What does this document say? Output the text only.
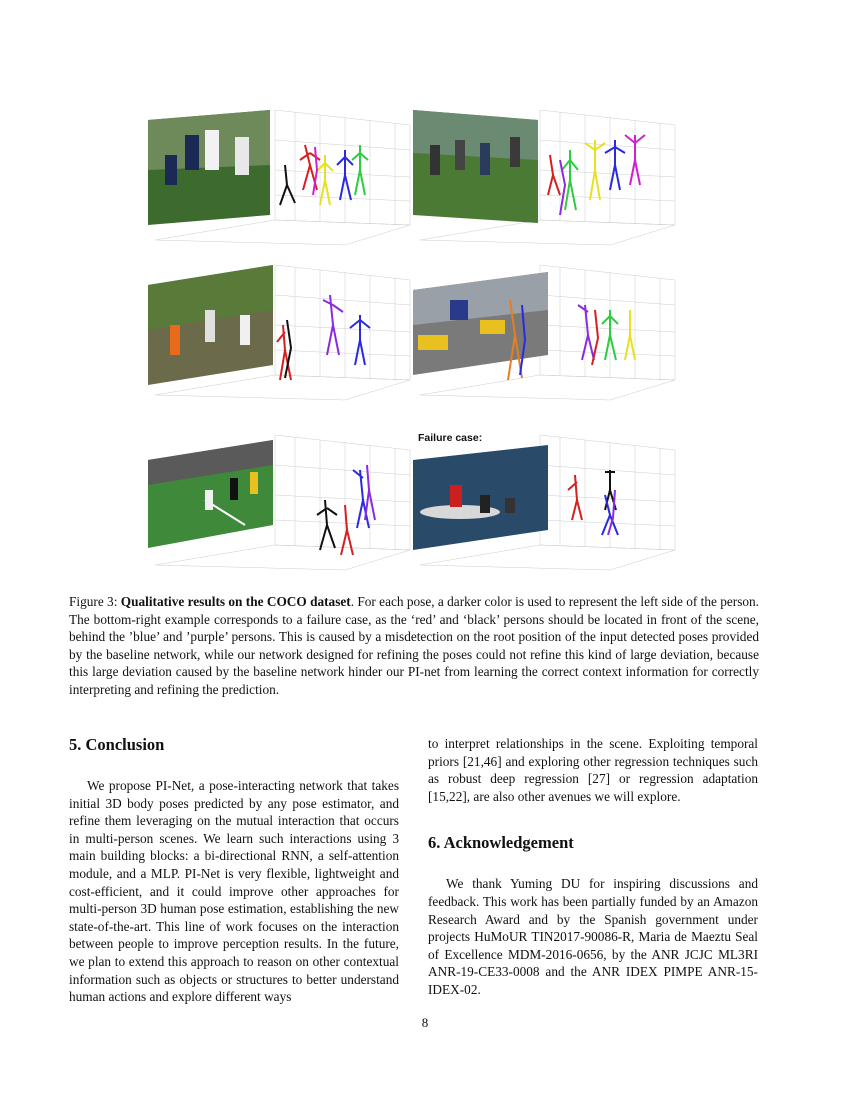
Failure case:
Figure 3: Qualitative results on the COCO dataset. For each pose, a darker color is used to represent the left side of the person. The bottom-right example corresponds to a failure case, as the ‘red’ and ‘black’ persons should be located in front of the scene, behind the ’blue’ and ’purple’ persons. This is caused by a misdetection on the root position of the input detected poses provided by the baseline network, while our network designed for refining the poses could not refine this kind of large deviation, because this large deviation caused by the baseline network hinder our PI-net from learning the correct context information for correctly interpreting and refining the prediction.
5. Conclusion

We propose PI-Net, a pose-interacting network that takes initial 3D body poses predicted by any pose estimator, and refine them leveraging on the mutual interaction that occurs in multi-person scenes. We learn such interactions using 3 main building blocks: a bi-directional RNN, a self-attention module, and a MLP. PI-Net is very flexible, lightweight and cost-efficient, and it could improve other approaches for multi-person 3D human pose estimation, establishing the new state-of-the-art. This line of work focuses on the interaction between people to improve perception results. In the future, we plan to extend this approach to reason on other contextual information such as objects or structures to better understand human actions and explore different ways

to interpret relationships in the scene. Exploiting temporal priors [21,46] and exploring other regression techniques such as robust deep regression [27] or regression adaptation [15,22], are also other avenues we will explore.

6. Acknowledgement

We thank Yuming DU for inspiring discussions and feedback. This work has been partially funded by an Amazon Research Award and by the Spanish government under projects HuMoUR TIN2017-90086-R, Maria de Maeztu Seal of Excellence MDM-2016-0656, by the ANR JCJC ML3RI ANR-19-CE33-0008 and the ANR IDEX PIMPE ANR-15-IDEX-02.

8
